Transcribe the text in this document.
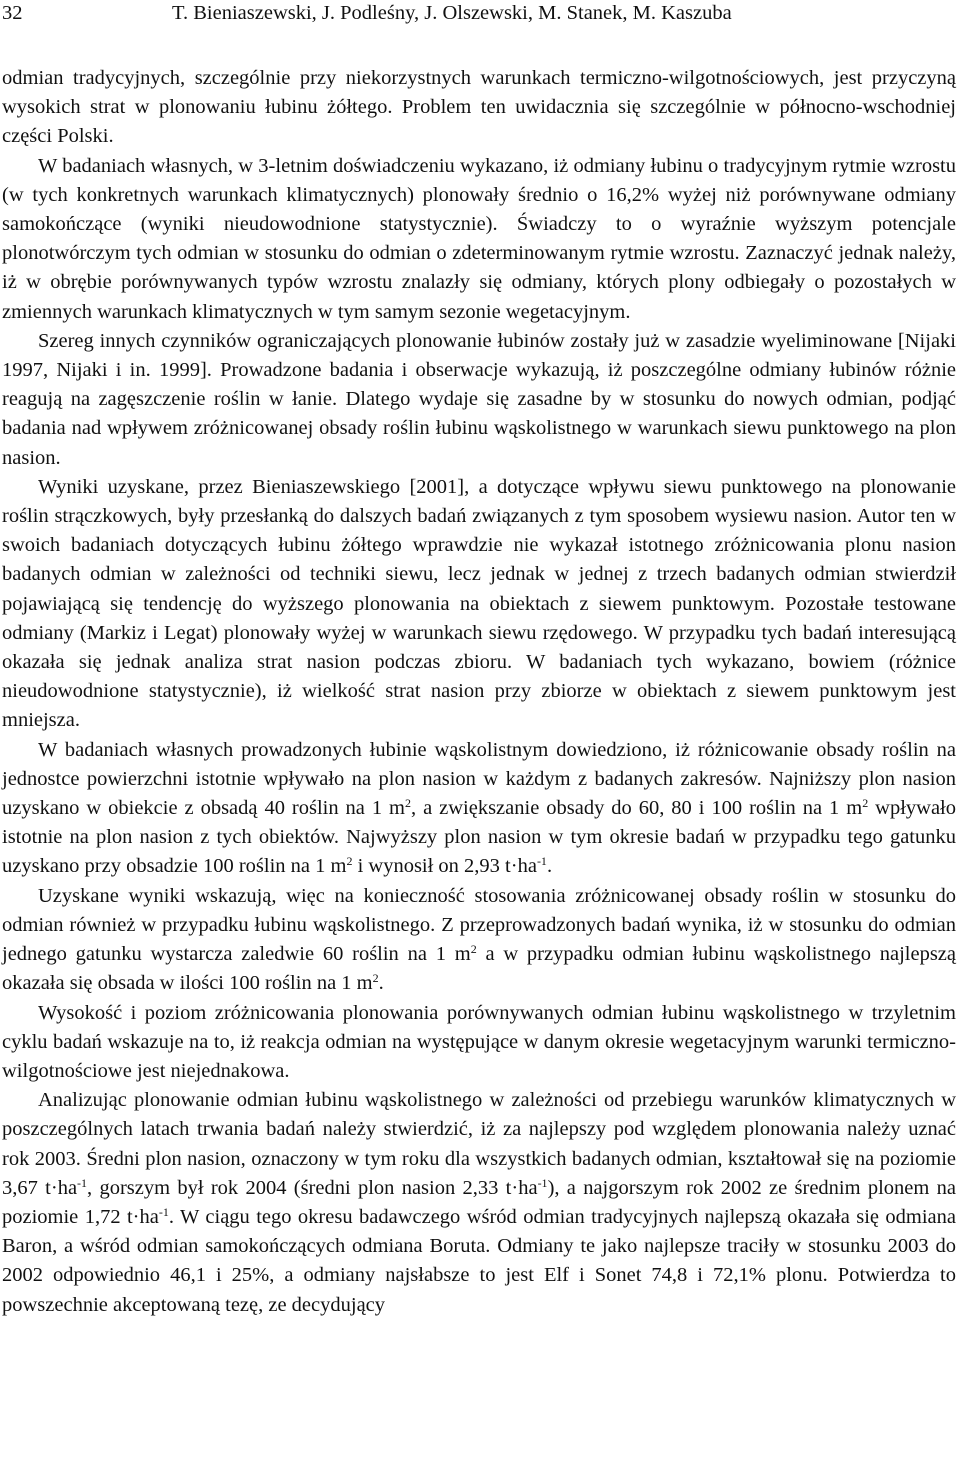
32	T. Bieniaszewski, J. Podleśny, J. Olszewski, M. Stanek, M. Kaszuba

odmian tradycyjnych, szczególnie przy niekorzystnych warunkach termiczno-wilgotnościowych, jest przyczyną wysokich strat w plonowaniu łubinu żółtego. Problem ten uwidacznia się szczególnie w północno-wschodniej części Polski.

W badaniach własnych, w 3-letnim doświadczeniu wykazano, iż odmiany łubinu o tradycyjnym rytmie wzrostu (w tych konkretnych warunkach klimatycznych) plonowały średnio o 16,2% wyżej niż porównywane odmiany samokończące (wyniki nieudowodnione statystycznie). Świadczy to o wyraźnie wyższym potencjale plonotwórczym tych odmian w stosunku do odmian o zdeterminowanym rytmie wzrostu. Zaznaczyć jednak należy, iż w obrębie porównywanych typów wzrostu znalazły się odmiany, których plony odbiegały o pozostałych w zmiennych warunkach klimatycznych w tym samym sezonie wegetacyjnym.

Szereg innych czynników ograniczających plonowanie łubinów zostały już w zasadzie wyeliminowane [Nijaki 1997, Nijaki i in. 1999]. Prowadzone badania i obserwacje wykazują, iż poszczególne odmiany łubinów różnie reagują na zagęszczenie roślin w łanie. Dlatego wydaje się zasadne by w stosunku do nowych odmian, podjąć badania nad wpływem zróżnicowanej obsady roślin łubinu wąskolistnego w warunkach siewu punktowego na plon nasion.

Wyniki uzyskane, przez Bieniaszewskiego [2001], a dotyczące wpływu siewu punktowego na plonowanie roślin strączkowych, były przesłanką do dalszych badań związanych z tym sposobem wysiewu nasion. Autor ten w swoich badaniach dotyczących łubinu żółtego wprawdzie nie wykazał istotnego zróżnicowania plonu nasion badanych odmian w zależności od techniki siewu, lecz jednak w jednej z trzech badanych odmian stwierdził pojawiającą się tendencję do wyższego plonowania na obiektach z siewem punktowym. Pozostałe testowane odmiany (Markiz i Legat) plonowały wyżej w warunkach siewu rzędowego. W przypadku tych badań interesującą okazała się jednak analiza strat nasion podczas zbioru. W badaniach tych wykazano, bowiem (różnice nieudowodnione statystycznie), iż wielkość strat nasion przy zbiorze w obiektach z siewem punktowym jest mniejsza.

W badaniach własnych prowadzonych łubinie wąskolistnym dowiedziono, iż różnicowanie obsady roślin na jednostce powierzchni istotnie wpływało na plon nasion w każdym z badanych zakresów. Najniższy plon nasion uzyskano w obiekcie z obsadą 40 roślin na 1 $m^2$, a zwiększanie obsady do 60, 80 i 100 roślin na 1 $m^2$ wpływało istotnie na plon nasion z tych obiektów. Najwyższy plon nasion w tym okresie badań w przypadku tego gatunku uzyskano przy obsadzie 100 roślin na 1 $m^2$ i wynosił on 2,93 $t\cdot ha^{-1}$.

Uzyskane wyniki wskazują, więc na konieczność stosowania zróżnicowanej obsady roślin w stosunku do odmian również w przypadku łubinu wąskolistnego. Z przeprowadzonych badań wynika, iż w stosunku do odmian jednego gatunku wystarcza zaledwie 60 roślin na 1 $m^2$ a w przypadku odmian łubinu wąskolistnego najlepszą okazała się obsada w ilości 100 roślin na 1 $m^2$.

Wysokość i poziom zróżnicowania plonowania porównywanych odmian łubinu wąskolistnego w trzyletnim cyklu badań wskazuje na to, iż reakcja odmian na występujące w danym okresie wegetacyjnym warunki termiczno-wilgotnościowe jest niejednakowa.

Analizując plonowanie odmian łubinu wąskolistnego w zależności od przebiegu warunków klimatycznych w poszczególnych latach trwania badań należy stwierdzić, iż za najlepszy pod względem plonowania należy uznać rok 2003. Średni plon nasion, oznaczony w tym roku dla wszystkich badanych odmian, kształtował się na poziomie 3,67 $t\cdot ha^{-1}$, gorszym był rok 2004 (średni plon nasion 2,33 $t\cdot ha^{-1}$), a najgorszym rok 2002 ze średnim plonem na poziomie 1,72 $t\cdot ha^{-1}$. W ciągu tego okresu badawczego wśród odmian tradycyjnych najlepszą okazała się odmiana Baron, a wśród odmian samokończących odmiana Boruta. Odmiany te jako najlepsze traciły w stosunku 2003 do 2002 odpowiednio 46,1 i 25%, a odmiany najsłabsze to jest Elf i Sonet 74,8 i 72,1% plonu. Potwierdza to powszechnie akceptowaną tezę, ze decydujący
